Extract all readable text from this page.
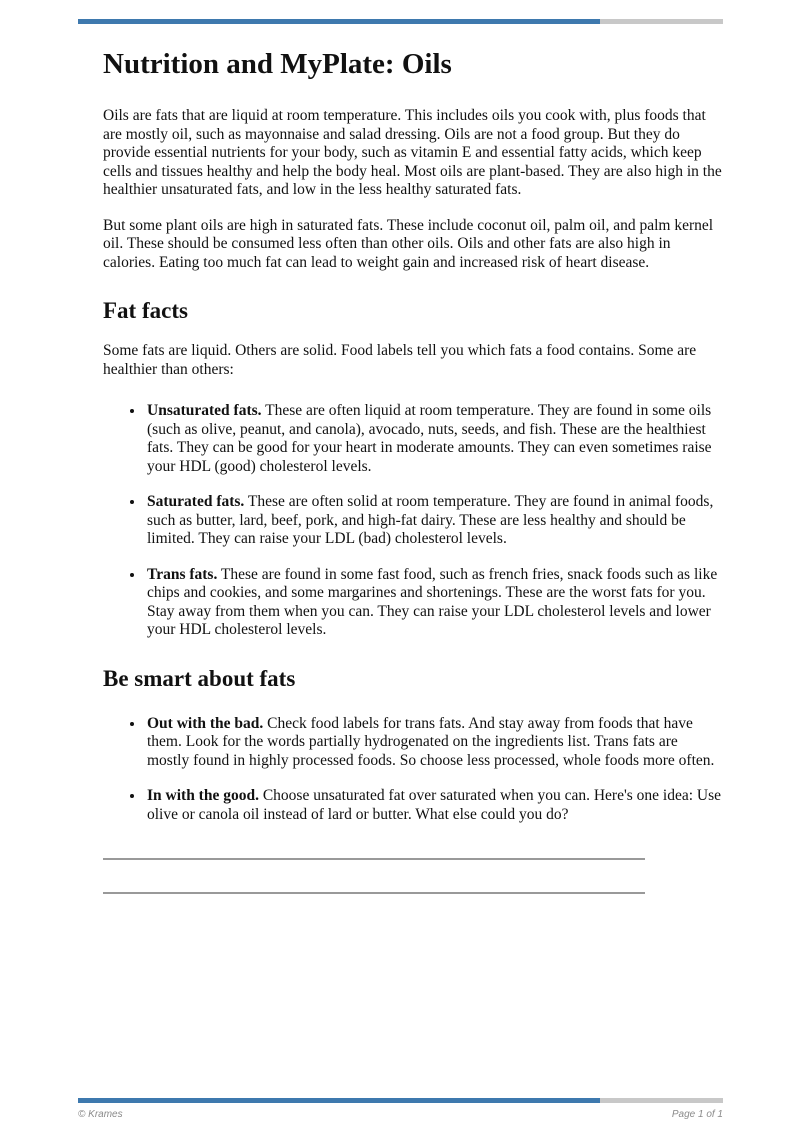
Nutrition and MyPlate: Oils

Oils are fats that are liquid at room temperature. This includes oils you cook with, plus foods that are mostly oil, such as mayonnaise and salad dressing. Oils are not a food group. But they do provide essential nutrients for your body, such as vitamin E and essential fatty acids, which keep cells and tissues healthy and help the body heal. Most oils are plant-based. They are also high in the healthier unsaturated fats, and low in the less healthy saturated fats.

But some plant oils are high in saturated fats. These include coconut oil, palm oil, and palm kernel oil. These should be consumed less often than other oils. Oils and other fats are also high in calories. Eating too much fat can lead to weight gain and increased risk of heart disease.

Fat facts

Some fats are liquid. Others are solid. Food labels tell you which fats a food contains. Some are healthier than others:

• Unsaturated fats. These are often liquid at room temperature. They are found in some oils (such as olive, peanut, and canola), avocado, nuts, seeds, and fish. These are the healthiest fats. They can be good for your heart in moderate amounts. They can even sometimes raise your HDL (good) cholesterol levels.
• Saturated fats. These are often solid at room temperature. They are found in animal foods, such as butter, lard, beef, pork, and high-fat dairy. These are less healthy and should be limited. They can raise your LDL (bad) cholesterol levels.
• Trans fats. These are found in some fast food, such as french fries, snack foods such as like chips and cookies, and some margarines and shortenings. These are the worst fats for you. Stay away from them when you can. They can raise your LDL cholesterol levels and lower your HDL cholesterol levels.
Be smart about fats
• Out with the bad. Check food labels for trans fats. And stay away from foods that have them. Look for the words partially hydrogenated on the ingredients list. Trans fats are mostly found in highly processed foods. So choose less processed, whole foods more often.
• In with the good. Choose unsaturated fat over saturated when you can. Here's one idea: Use olive or canola oil instead of lard or butter. What else could you do?
© Krames	Page 1 of 1
